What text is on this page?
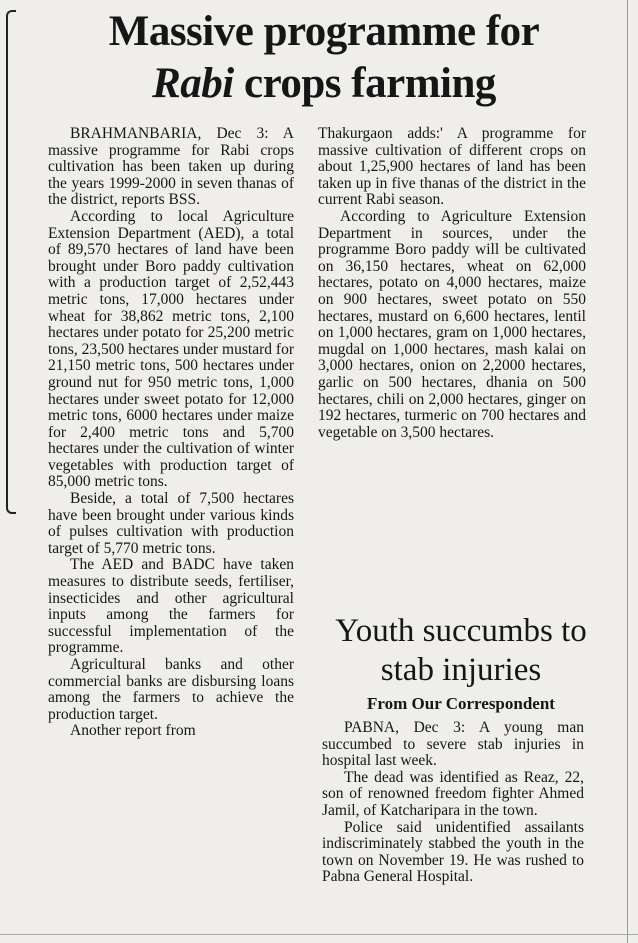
Massive programme for
Rabi crops farming

BRAHMANBARIA, Dec 3: A massive programme for Rabi crops cultivation has been taken up during the years 1999-2000 in seven thanas of the district, reports BSS.

According to local Agriculture Extension Department (AED), a total of 89,570 hectares of land have been brought under Boro paddy cultivation with a production target of 2,52,443 metric tons, 17,000 hectares under wheat for 38,862 metric tons, 2,100 hectares under potato for 25,200 metric tons, 23,500 hectares under mustard for 21,150 metric tons, 500 hectares under ground nut for 950 metric tons, 1,000 hectares under sweet potato for 12,000 metric tons, 6000 hectares under maize for 2,400 metric tons and 5,700 hectares under the cultivation of winter vegetables with production target of 85,000 metric tons.

Beside, a total of 7,500 hectares have been brought under various kinds of pulses cultivation with production target of 5,770 metric tons.

The AED and BADC have taken measures to distribute seeds, fertiliser, insecticides and other agricultural inputs among the farmers for successful implementation of the programme.

Agricultural banks and other commercial banks are disbursing loans among the farmers to achieve the production target.

Another report from

Thakurgaon adds:' A programme for massive cultivation of different crops on about 1,25,900 hectares of land has been taken up in five thanas of the district in the current Rabi season.

According to Agriculture Extension Department in sources, under the programme Boro paddy will be cultivated on 36,150 hectares, wheat on 62,000 hectares, potato on 4,000 hectares, maize on 900 hectares, sweet potato on 550 hectares, mustard on 6,600 hectares, lentil on 1,000 hectares, gram on 1,000 hectares, mugdal on 1,000 hectares, mash kalai on 3,000 hectares, onion on 2,2000 hectares, garlic on 500 hectares, dhania on 500 hectares, chili on 2,000 hectares, ginger on 192 hectares, turmeric on 700 hectares and vegetable on 3,500 hectares.

Youth succumbs to stab injuries
From Our Correspondent

PABNA, Dec 3: A young man succumbed to severe stab injuries in hospital last week.

The dead was identified as Reaz, 22, son of renowned freedom fighter Ahmed Jamil, of Katcharipara in the town.

Police said unidentified assailants indiscriminately stabbed the youth in the town on November 19. He was rushed to Pabna General Hospital.
